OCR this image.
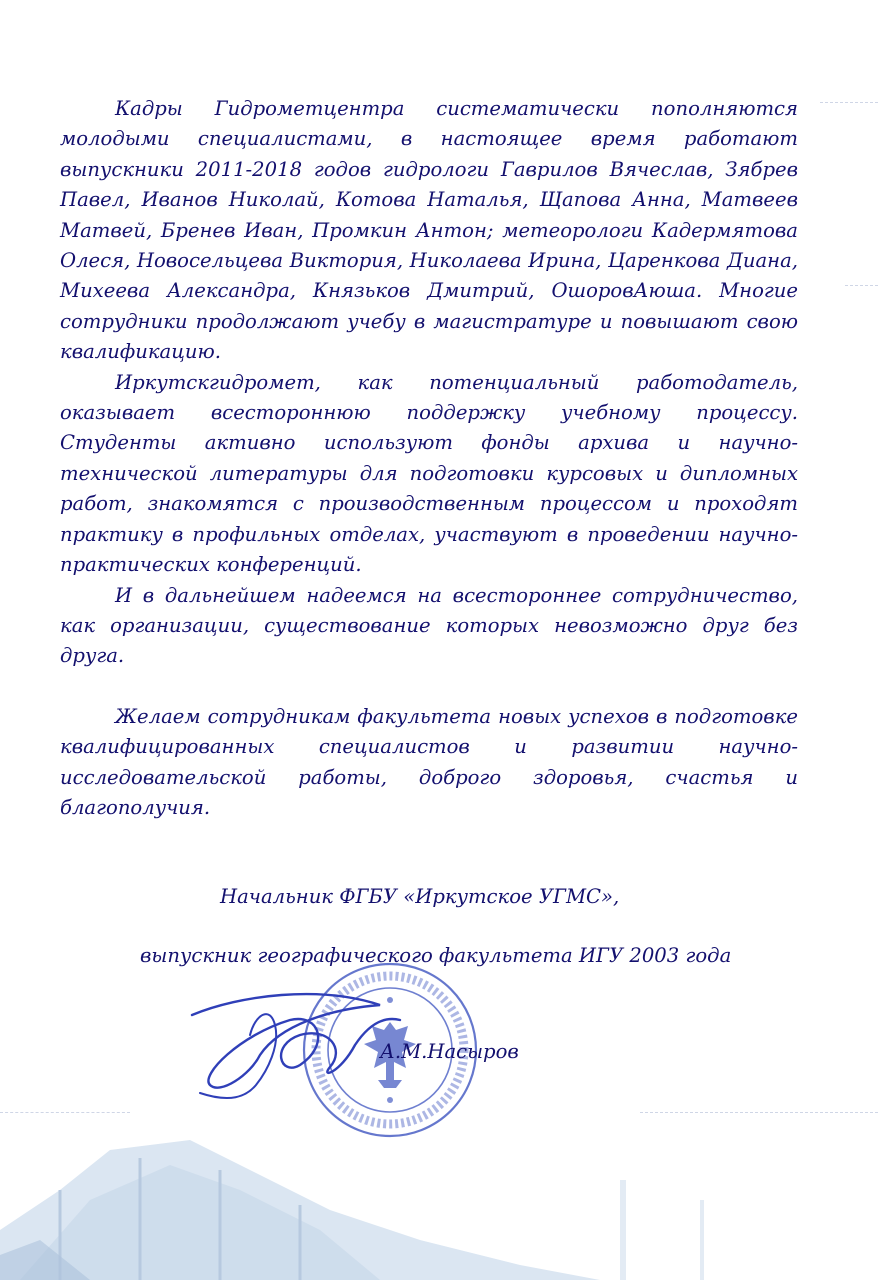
Кадры Гидрометцентра систематически пополняются молодыми специалистами, в настоящее время работают выпускники 2011-2018 годов гидрологи Гаврилов Вячеслав, Зябрев Павел, Иванов Николай, Котова Наталья, Щапова Анна, Матвеев Матвей, Бренев Иван, Промкин Антон; метеорологи Кадермятова Олеся, Новосельцева Виктория, Николаева Ирина, Царенкова Диана, Михеева Александра, Князьков Дмитрий, ОшоровАюша. Многие сотрудники продолжают учебу в магистратуре и повышают свою квалификацию.

Иркутскгидромет, как потенциальный работодатель, оказывает всестороннюю поддержку учебному процессу. Студенты активно используют фонды архива и научно-технической литературы для подготовки курсовых и дипломных работ, знакомятся с производственным процессом и проходят практику в профильных отделах, участвуют в проведении научно-практических конференций.

И в дальнейшем надеемся на всестороннее сотрудничество, как организации, существование которых невозможно друг без друга.

Желаем сотрудникам факультета новых успехов в подготовке квалифицированных специалистов и развитии научно-исследовательской работы, доброго здоровья, счастья и благополучия.

Начальник ФГБУ «Иркутское УГМС»,
выпускник географического факультета ИГУ 2003 года
А.М.Насыров
